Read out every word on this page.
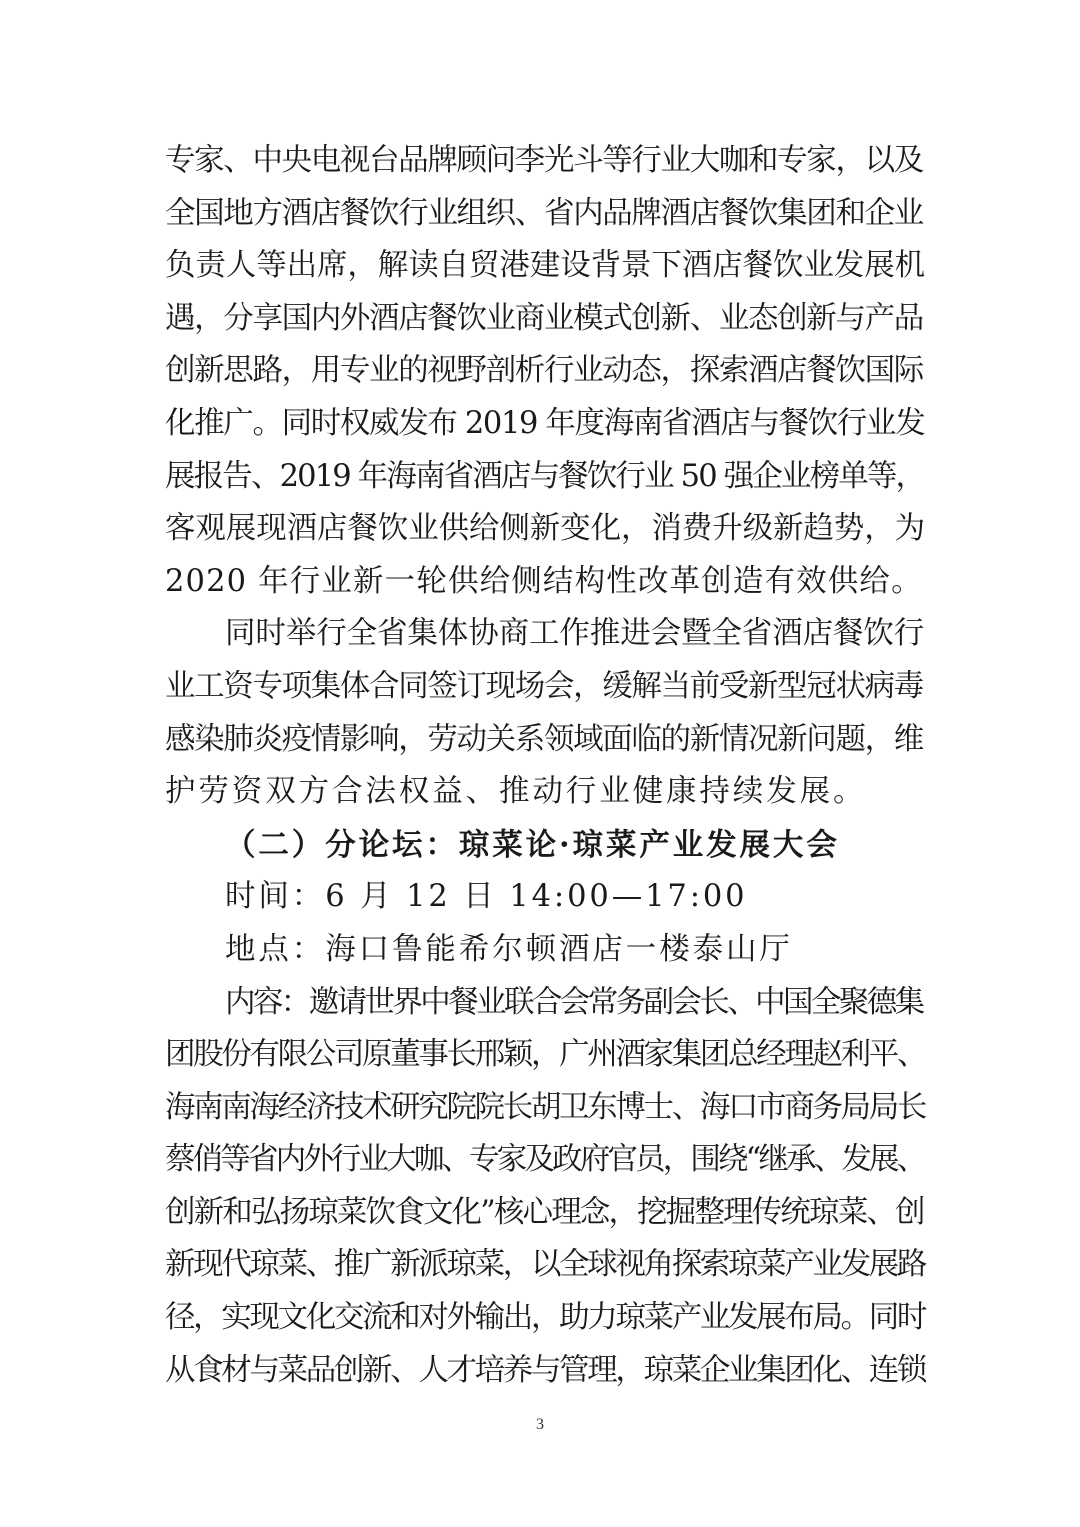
专家、中央电视台品牌顾问李光斗等行业大咖和专家，以及
全国地方酒店餐饮行业组织、省内品牌酒店餐饮集团和企业
负责人等出席，解读自贸港建设背景下酒店餐饮业发展机
遇，分享国内外酒店餐饮业商业模式创新、业态创新与产品
创新思路，用专业的视野剖析行业动态，探索酒店餐饮国际
化推广。同时权威发布 2019 年度海南省酒店与餐饮行业发
展报告、2019 年海南省酒店与餐饮行业 50 强企业榜单等，
客观展现酒店餐饮业供给侧新变化，消费升级新趋势，为
2020 年行业新一轮供给侧结构性改革创造有效供给。
同时举行全省集体协商工作推进会暨全省酒店餐饮行
业工资专项集体合同签订现场会，缓解当前受新型冠状病毒
感染肺炎疫情影响，劳动关系领域面临的新情况新问题，维
护劳资双方合法权益、推动行业健康持续发展。
（二）分论坛：琼菜论·琼菜产业发展大会
时间：6 月 12 日 14:00—17:00
地点：海口鲁能希尔顿酒店一楼泰山厅
内容：邀请世界中餐业联合会常务副会长、中国全聚德集
团股份有限公司原董事长邢颖，广州酒家集团总经理赵利平、
海南南海经济技术研究院院长胡卫东博士、海口市商务局局长
蔡俏等省内外行业大咖、专家及政府官员，围绕“继承、发展、
创新和弘扬琼菜饮食文化”核心理念，挖掘整理传统琼菜、创
新现代琼菜、推广新派琼菜，以全球视角探索琼菜产业发展路
径，实现文化交流和对外输出，助力琼菜产业发展布局。同时
从食材与菜品创新、人才培养与管理，琼菜企业集团化、连锁
3
